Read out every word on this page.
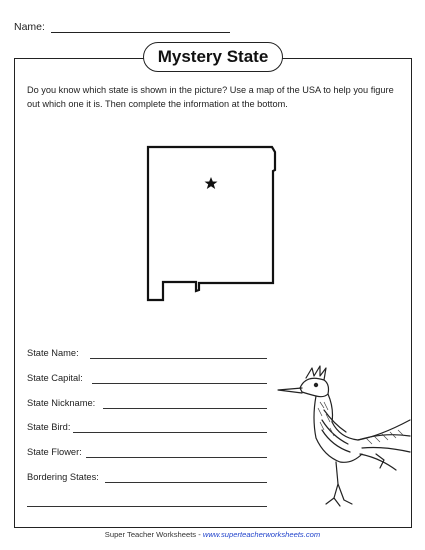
Name:
Mystery State
Do you know which state is shown in the picture? Use a map of the USA to help you figure out which one it is. Then complete the information at the bottom.
State Name:
State Capital:
State Nickname:
State Bird:
State Flower:
Bordering States:
Super Teacher Worksheets - www.superteacherworksheets.com
